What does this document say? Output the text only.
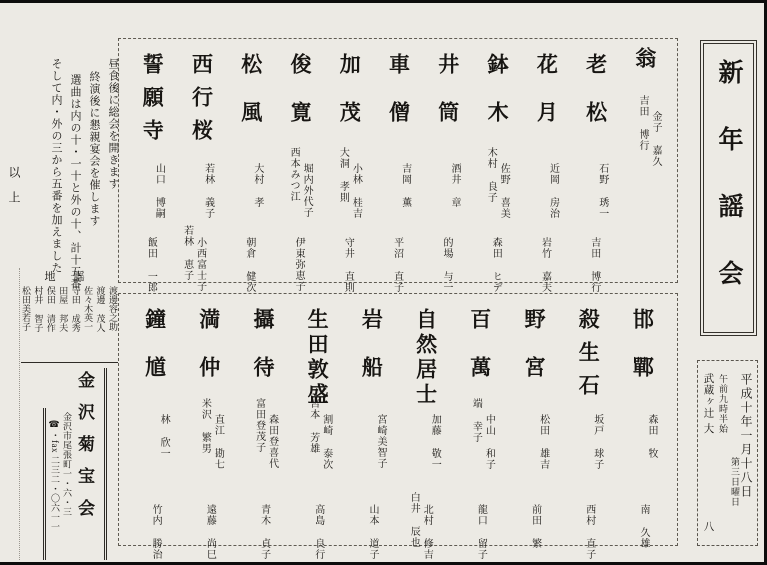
新年謡会
平成十年一月十八日
午前九時半始
第三日曜日
武蔵ヶ辻 大
八
昼食後に総会を開きます
終演後に懇親宴会を催します
選曲は内の十・一十と外の十、計十五番
そして内・外の三から五番を加えました
翁
金子 嘉久
吉田 博行
老松
石野 琇一
吉田 博行
花月
近岡 房治
岩竹 嘉夫
鉢木
佐野 喜美
木村 良子
森田 ヒデ
井筒
酒井 章
的場 与一
車僧
吉岡 薫
平沼 直子
加茂
小林 桂吉
大洞 孝則
守井 直則
俊寛
堀内外代子
西本みつ江
伊東弥恵子
松風
大村 孝
朝倉 健次
西行桜
若林 義子
小西富士子
若林 恵子
誓願寺
山口 博嗣
飯田 一郎
邯鄲
森田 牧
南 久雄
殺生石
坂戸 球子
西村 直子
野宮
松田 雄吉
前田 繁
百萬
中山 和子
端 幸子
龍口 留子
自然居士
加藤 敬一
北村 修吉
白井 辰也
岩船
宮崎美智子
山本 道子
生田敦盛
割崎 泰次
宮本 芳雄
高島 良行
攝待
森田登喜代
富田登茂子
青木 貞子
満仲
直江 勘七
米沢 繁男
遠藤 尚巳
鐘馗
林 欣一
竹内 勝治
以上
地謡
渡邊容之助
渡邊 茂人
佐々木英一
寺田 成秀
田屋 邦夫
俣田 清作
村井 智子
松田美若子
金沢菊宝会
金沢市尾張町一・六・三
☎・fax 二三二・〇六一一
